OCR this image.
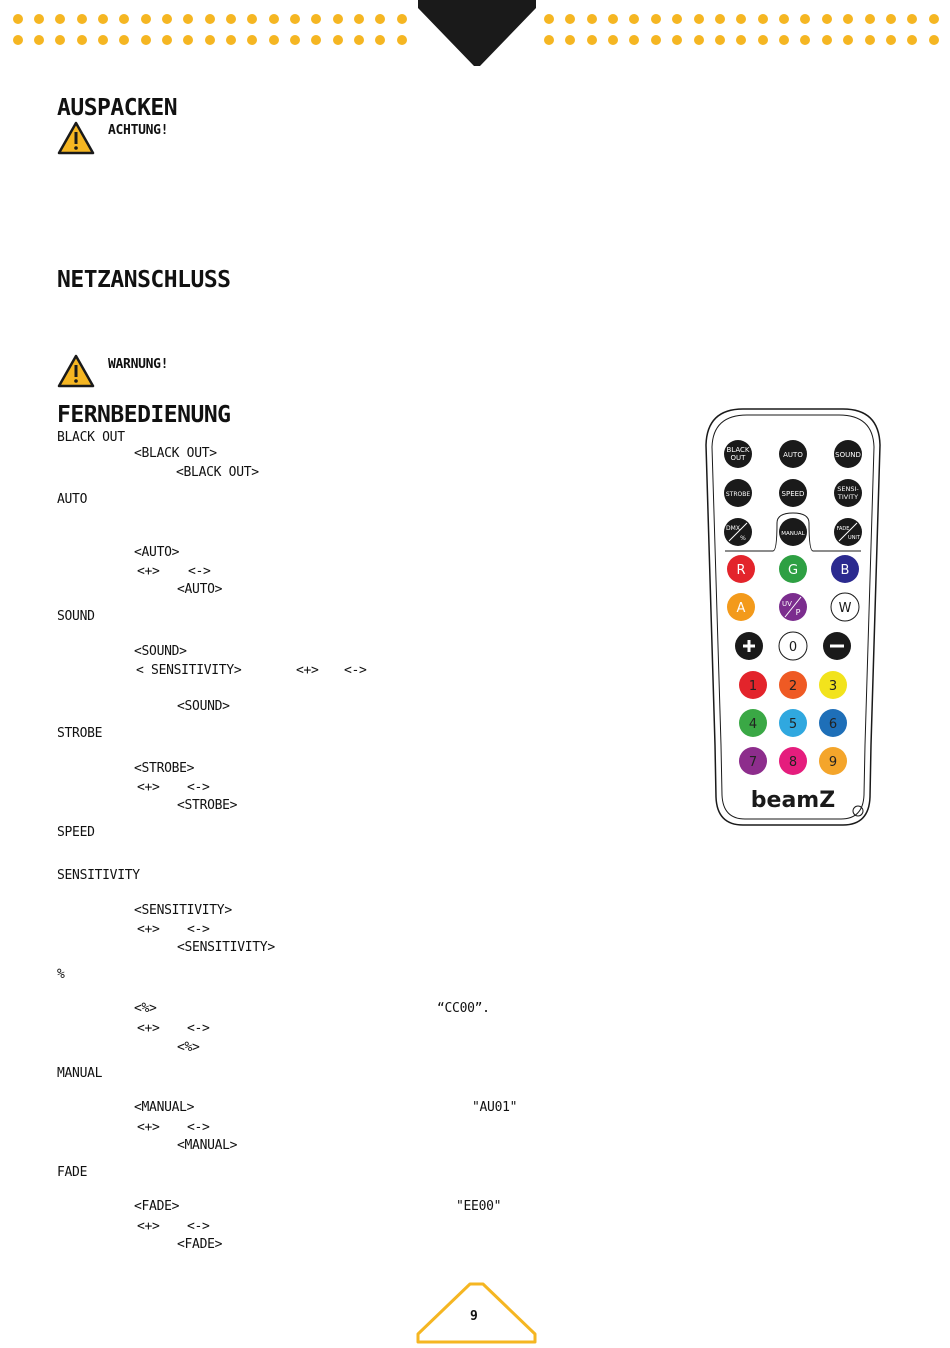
AUSPACKEN
ACHTUNG!
NETZANSCHLUSS
WARNUNG!
FERNBEDIENUNG
BLACK OUT
<BLACK OUT>
<BLACK OUT>
AUTO
<AUTO>
<+> <->
<AUTO>
SOUND
<SOUND>
< SENSITIVITY>	<+> <->
<SOUND>
STROBE
<STROBE>
<+> <->
<STROBE>
SPEED
SENSITIVITY
<SENSITIVITY>
<+> <->
<SENSITIVITY>
%
<%>	“CC00”.
<+> <->
<%>
MANUAL
<MANUAL>	"AU01"
<+> <->
<MANUAL>
FADE
<FADE>	"EE00"
<+> <->
<FADE>
BLACK
OUT	AUTO	SOUND
STROBE	SPEED
SENSI-
TIVITY
DMX
%
MANUAL
FADE
UNIT
R	G	B
A	UV
P	W
0
1 2 3
4 5 6
7 8 9
beamZ
9
